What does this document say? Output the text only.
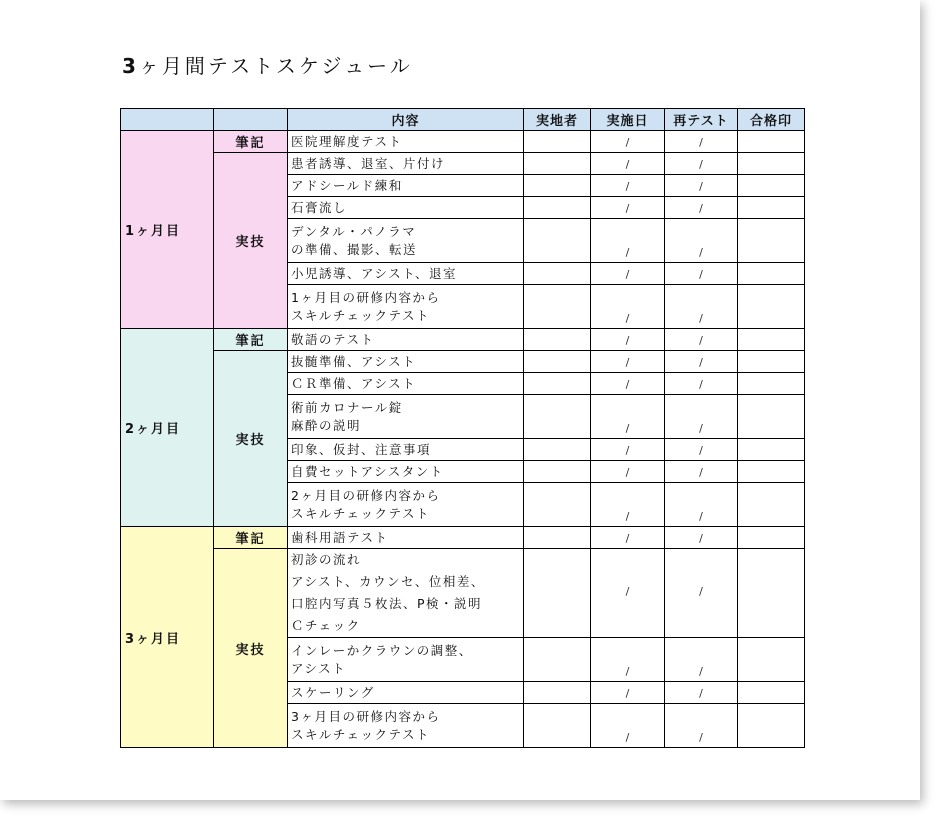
3ヶ月間テストスケジュール
		内容	実地者	実施日	再テスト	合格印
1ヶ月目	筆記	医院理解度テスト		/	/	
	実技	患者誘導、退室、片付け		/	/	

		アドシールド練和		/	/	

		石膏流し		/	/	

		デンタル・パノラマ
の準備、撮影、転送		/	/	

		小児誘導、アシスト、退室		/	/	

		1ヶ月目の研修内容から
スキルチェックテスト		/	/	
2ヶ月目	筆記	敬語のテスト		/	/	
	実技	抜髄準備、アシスト		/	/	

		ＣＲ準備、アシスト		/	/	

		術前カロナール錠
麻酔の説明		/	/	

		印象、仮封、注意事項		/	/	

		自費セットアシスタント		/	/	

		2ヶ月目の研修内容から
スキルチェックテスト		/	/	
3ヶ月目	筆記	歯科用語テスト		/	/	
	実技	初診の流れ
アシスト、カウンセ、位相差、
口腔内写真５枚法、P検・説明
Ｃチェック		/	/	

		インレーかクラウンの調整、
アシスト		/	/	

		スケーリング		/	/	

		3ヶ月目の研修内容から
スキルチェックテスト		/	/	
